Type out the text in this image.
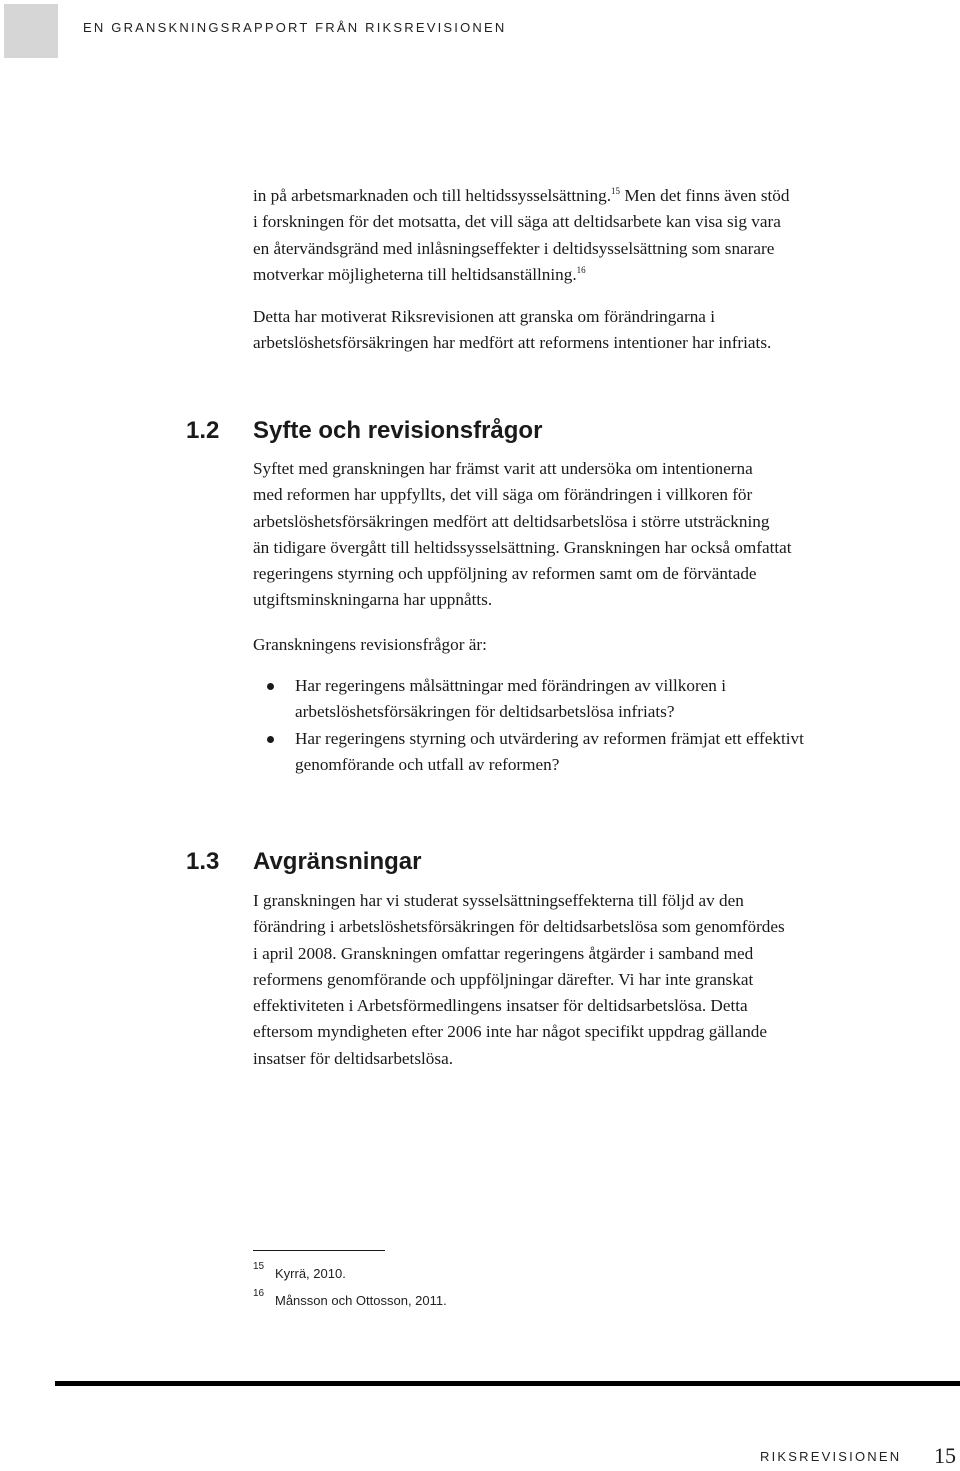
EN GRANSKNINGSRAPPORT FRÅN RIKSREVISIONEN
in på arbetsmarknaden och till heltidssysselsättning.$^{15}$ Men det finns även stöd
i forskningen för det motsatta, det vill säga att deltidsarbete kan visa sig vara
en återvändsgränd med inlåsningseffekter i deltidsysselsättning som snarare
motverkar möjligheterna till heltidsanställning.$^{16}$
Detta har motiverat Riksrevisionen att granska om förändringarna i
arbetslöshetsförsäkringen har medfört att reformens intentioner har infriats.
1.2 Syfte och revisionsfrågor
Syftet med granskningen har främst varit att undersöka om intentionerna
med reformen har uppfyllts, det vill säga om förändringen i villkoren för
arbetslöshetsförsäkringen medfört att deltidsarbetslösa i större utsträckning
än tidigare övergått till heltidssysselsättning. Granskningen har också omfattat
regeringens styrning och uppföljning av reformen samt om de förväntade
utgiftsminskningarna har uppnåtts.
Granskningens revisionsfrågor är:
Har regeringens målsättningar med förändringen av villkoren i
arbetslöshetsförsäkringen för deltidsarbetslösa infriats?
Har regeringens styrning och utvärdering av reformen främjat ett effektivt
genomförande och utfall av reformen?
1.3 Avgränsningar
I granskningen har vi studerat sysselsättningseffekterna till följd av den
förändring i arbetslöshetsförsäkringen för deltidsarbetslösa som genomfördes
i april 2008. Granskningen omfattar regeringens åtgärder i samband med
reformens genomförande och uppföljningar därefter. Vi har inte granskat
effektiviteten i Arbetsförmedlingens insatser för deltidsarbetslösa. Detta
eftersom myndigheten efter 2006 inte har något specifikt uppdrag gällande
insatser för deltidsarbetslösa.
15 Kyrrä, 2010.
16 Månsson och Ottosson, 2011.
RIKSREVISIONEN 15
